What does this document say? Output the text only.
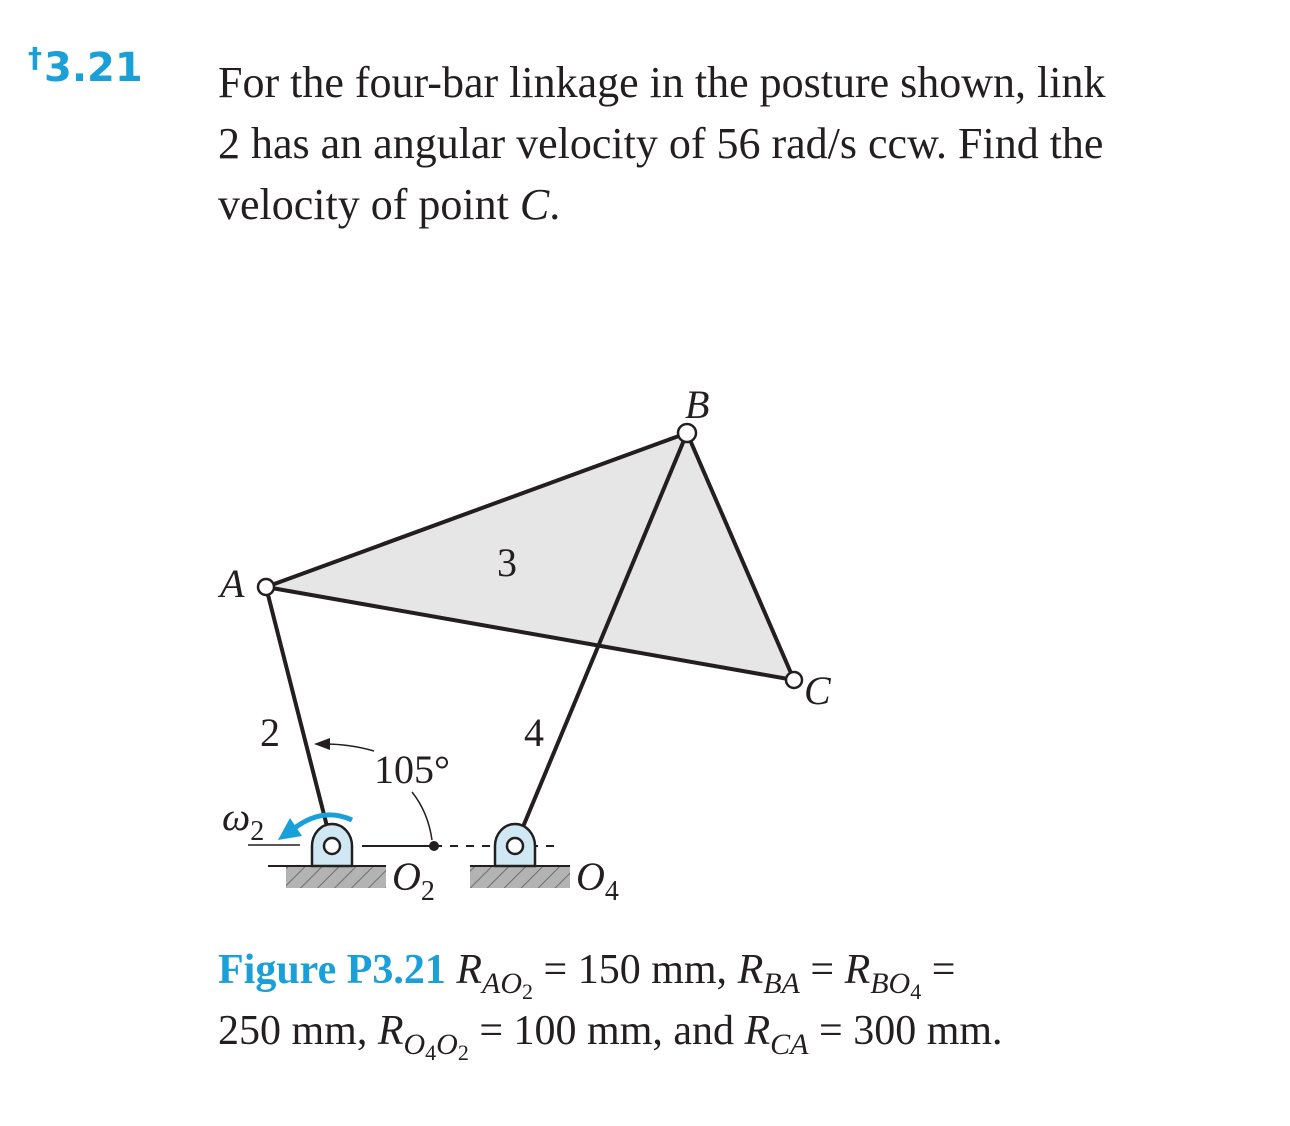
†3.21 For the four-bar linkage in the posture shown, link

2 has an angular velocity of 56 rad/s ccw. Find the

velocity of point C.

A
B
C
3
2	4
105°
$\omega_2$
$O_2$	$O_4$

Figure P3.21 $R_{AO_2} = 150$ mm, $R_{BA} = R_{BO_4}$ =

250 mm, $R_{O_4O_2} = 100$ mm, and $R_{CA} = 300$ mm.
